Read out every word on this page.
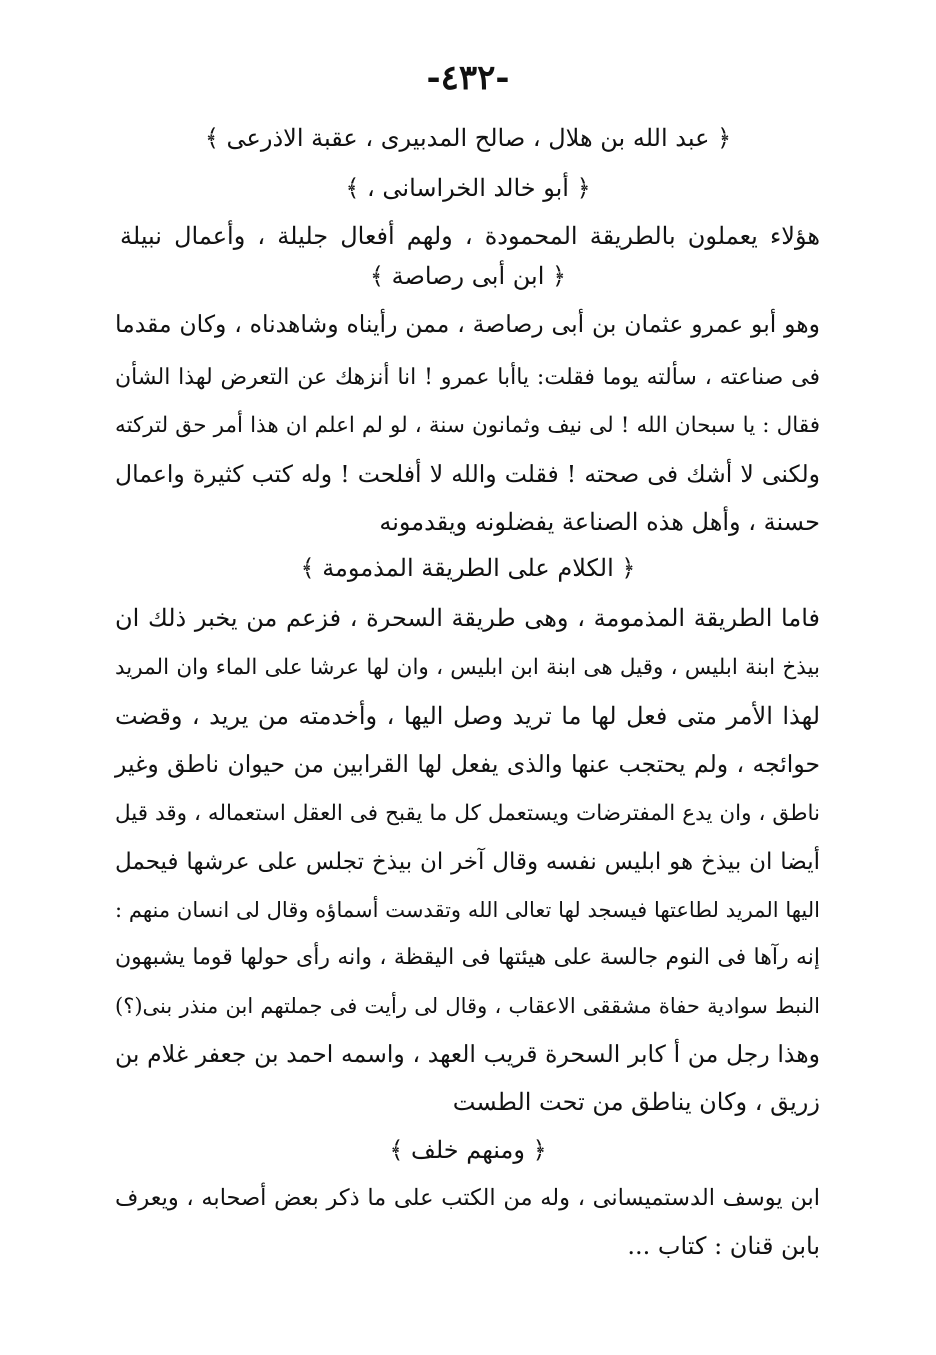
-٤٣٢-
﴿ عبد الله بن هلال ، صالح المدبيرى ، عقبة الاذرعى ﴾
﴿ أبو خالد الخراسانى ، ﴾
هؤلاء يعملون بالطريقة المحمودة ، ولهم أفعال جليلة ، وأعمال نبيلة
﴿ ابن أبى رصاصة ﴾
وهو أبو عمرو عثمان بن أبى رصاصة ، ممن رأيناه وشاهدناه ، وكان مقدما
فى صناعته ، سألته يوما فقلت: ياأبا عمرو ! انا أنزهك عن التعرض لهذا الشأن
فقال : يا سبحان الله ! لى نيف وثمانون سنة ، لو لم اعلم ان هذا أمر حق لتركته
ولكنى لا أشك فى صحته ! فقلت والله لا أفلحت ! وله كتب كثيرة واعمال
حسنة ، وأهل هذه الصناعة يفضلونه ويقدمونه
﴿ الكلام على الطريقة المذمومة ﴾
فاما الطريقة المذمومة ، وهى طريقة السحرة ، فزعم من يخبر ذلك ان
بيذخ ابنة ابليس ، وقيل هى ابنة ابن ابليس ، وان لها عرشا على الماء وان المريد
لهذا الأمر متى فعل لها ما تريد وصل اليها ، وأخدمته من يريد ، وقضت
حوائجه ، ولم يحتجب عنها والذى يفعل لها القرابين من حيوان ناطق وغير
ناطق ، وان يدع المفترضات ويستعمل كل ما يقبح فى العقل استعماله ، وقد قيل
أيضا ان بيذخ هو ابليس نفسه وقال آخر ان بيذخ تجلس على عرشها فيحمل
اليها المريد لطاعتها فيسجد لها تعالى الله وتقدست أسماؤه وقال لى انسان منهم :
إنه رآها فى النوم جالسة على هيئتها فى اليقظة ، وانه رأى حولها قوما يشبهون
النبط سوادية حفاة مشققى الاعقاب ، وقال لى رأيت فى جملتهم ابن منذر بنى(؟)
وهذا رجل من أ كابر السحرة قريب العهد ، واسمه احمد بن جعفر غلام بن
زريق ، وكان يناطق من تحت الطست
﴿ ومنهم خلف ﴾
ابن يوسف الدستميسانى ، وله من الكتب على ما ذكر بعض أصحابه ، ويعرف
بابن قنان : كتاب ...
